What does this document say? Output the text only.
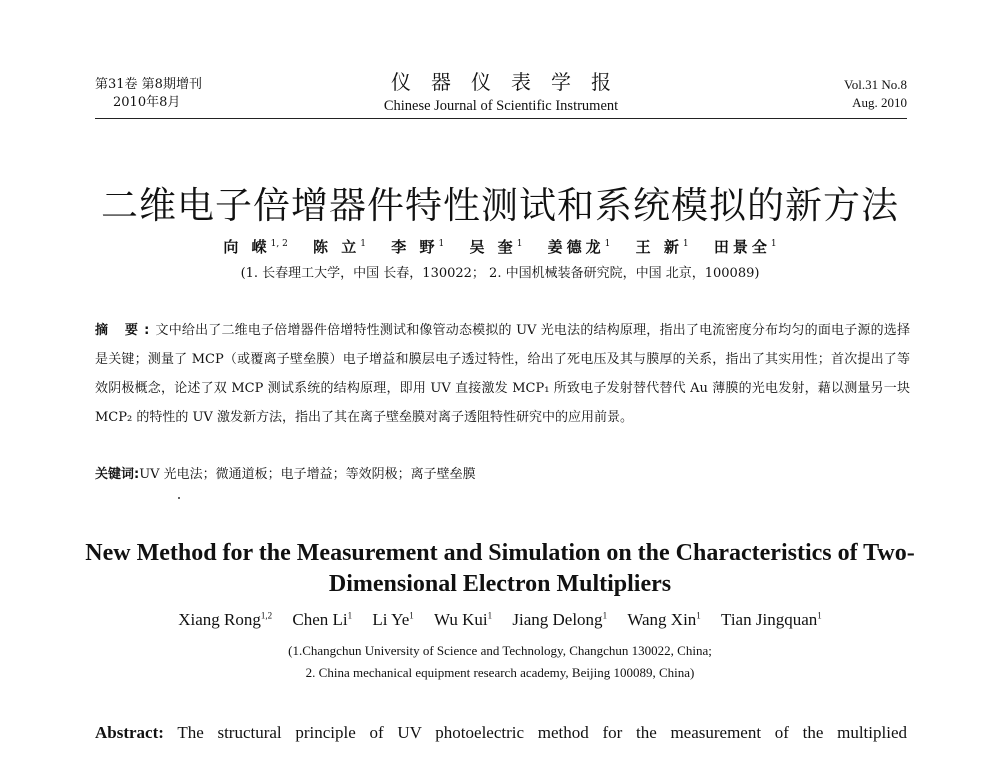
第31卷 第8期增刊
2010年8月
仪器仪表学报
Chinese Journal of Scientific Instrument
Vol.31 No.8
Aug. 2010
二维电子倍增器件特性测试和系统模拟的新方法
向 嵘$^{1, 2}$ 陈 立$^1$ 李 野$^1$ 吴 奎$^1$ 姜德龙$^1$ 王 新$^1$ 田景全$^1$
(1. 长春理工大学，中国 长春，130022； 2. 中国机械装备研究院，中国 北京，100089)
摘 要:文中给出了二维电子倍增器件倍增特性测试和像管动态模拟的 UV 光电法的结构原理，指出了电流密度分布均匀的面电子源的选择是关键；测量了 MCP（或覆离子壁垒膜）电子增益和膜层电子透过特性，给出了死电压及其与膜厚的关系，指出了其实用性；首次提出了等效阴极概念，论述了双 MCP 测试系统的结构原理，即用 UV 直接激发 MCP₁ 所致电子发射替代替代 Au 薄膜的光电发射，藉以测量另一块 MCP₂ 的特性的 UV 激发新方法，指出了其在离子壁垒膜对离子透阻特性研究中的应用前景。
关键词:UV 光电法；微通道板；电子增益；等效阴极；离子壁垒膜
New Method for the Measurement and Simulation on the Characteristics of Two- Dimensional Electron Multipliers
Xiang Rong$^{1,2}$ Chen Li$^1$ Li Ye$^1$ Wu Kui$^1$ Jiang Delong$^1$ Wang Xin$^1$ Tian Jingquan$^1$
(1.Changchun University of Science and Technology, Changchun 130022, China;
2. China mechanical equipment research academy, Beijing 100089, China)
Abstract: The structural principle of UV photoelectric method for the measurement of the multiplied
